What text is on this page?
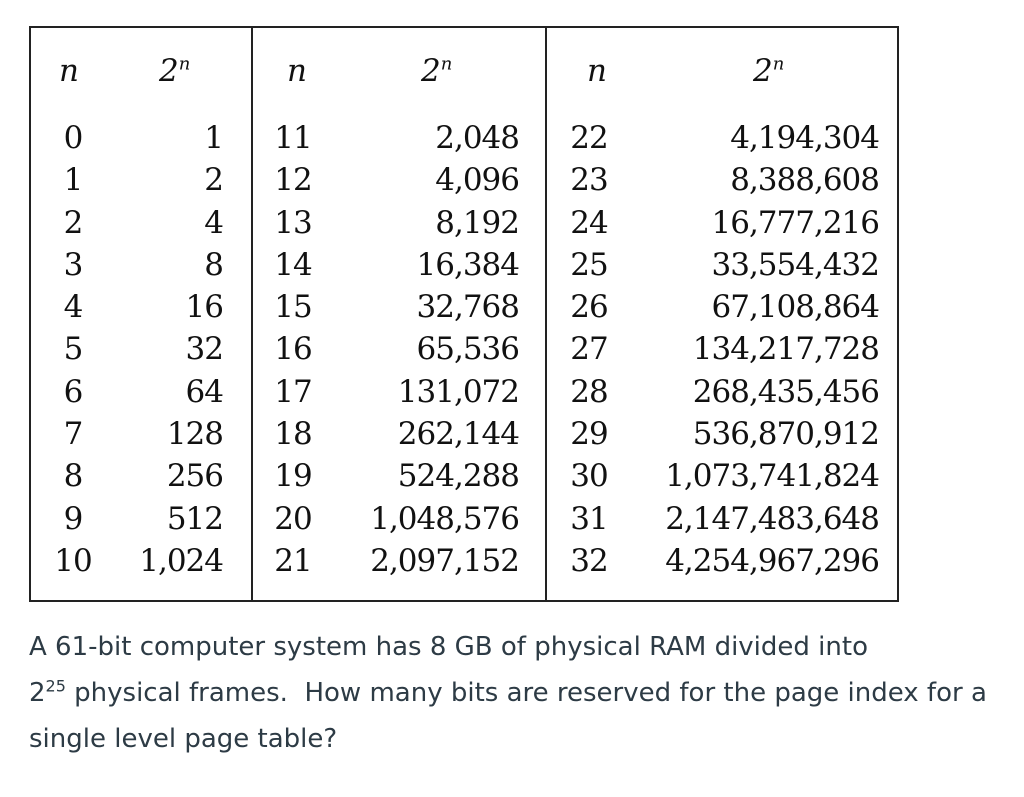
n	2$^n$
0	1
1	2
2	4
3	8
4	16
5	32
6	64
7	128
8	256
9	512
10 1,024
n	2$^n$
11	2,048
12	4,096
13	8,192
14	16,384
15	32,768
16	65,536
17	131,072
18	262,144
19	524,288
20 1,048,576
21 2,097,152
n	2$^n$
22	4,194,304
23	8,388,608
24	16,777,216
25	33,554,432
26	67,108,864
27	134,217,728
28	268,435,456
29	536,870,912
30 1,073,741,824
31 2,147,483,648
32 4,254,967,296
A 61-bit computer system has 8 GB of physical RAM divided into
$2^{25}$ physical frames.  How many bits are reserved for the page index for a
single level page table?
